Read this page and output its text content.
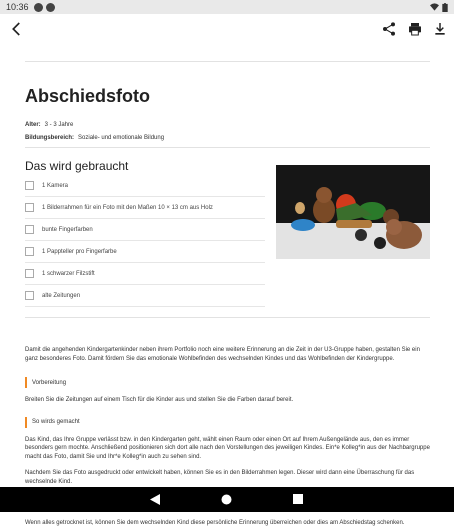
10:36
Abschiedsfoto
Alter: 3 - 3 Jahre
Bildungsbereich: Soziale- und emotionale Bildung
Das wird gebraucht
1 Kamera
1 Bilderrahmen für ein Foto mit den Maßen 10 × 13 cm aus Holz
bunte Fingerfarben
1 Pappteller pro Fingerfarbe
1 schwarzer Filzstift
alte Zeitungen

Damit die angehenden Kindergartenkinder neben ihrem Portfolio noch eine weitere Erinnerung an die Zeit in der U3-Gruppe haben, gestalten Sie ein ganz besonderes Foto. Damit fördern Sie das emotionale Wohlbefinden des wechselnden Kindes und das Wohlbefinden der Kindergruppe.

Vorbereitung

Breiten Sie die Zeitungen auf einem Tisch für die Kinder aus und stellen Sie die Farben darauf bereit.

So wirds gemacht

Das Kind, das Ihre Gruppe verlässt bzw. in den Kindergarten geht, wählt einen Raum oder einen Ort auf Ihrem Außengelände aus, den es immer besonders gern mochte. Anschließend positionieren sich dort alle nach den Vorstellungen des jeweiligen Kindes. Ein*e Kolleg*in aus der Nachbargruppe macht das Foto, damit Sie und Ihr*e Kolleg*in auch zu sehen sind.

Nachdem Sie das Foto ausgedruckt oder entwickelt haben, können Sie es in den Bilderrahmen legen. Dieser wird dann eine Überraschung für das wechselnde Kind.

Wenn alles getrocknet ist, können Sie dem wechselnden Kind diese persönliche Erinnerung überreichen oder dies am Abschiedstag schenken.
